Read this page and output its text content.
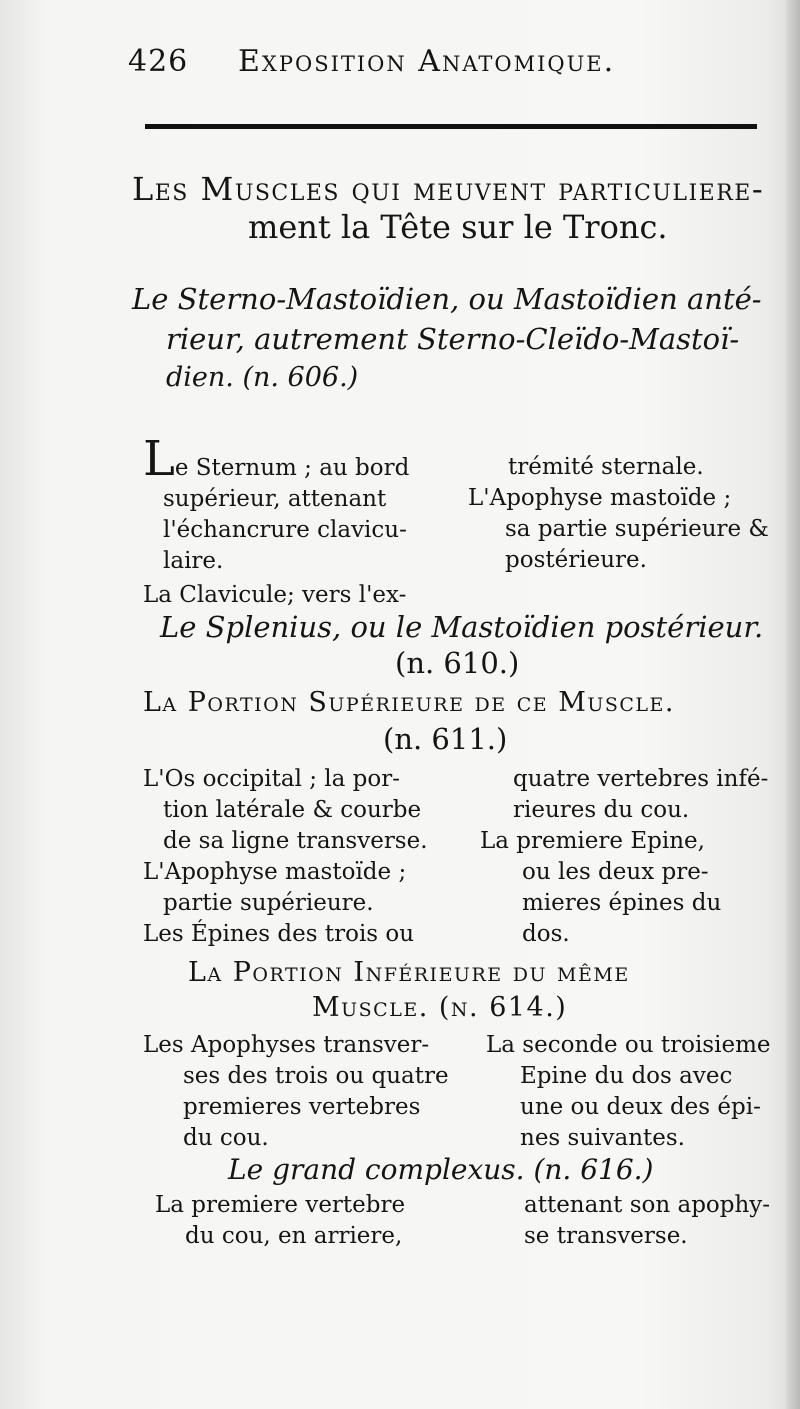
426 Exposition Anatomique.
Les Muscles qui meuvent particuliere-
ment la Tête sur le Tronc.
Le Sterno-Mastoïdien, ou Mastoïdien anté-
rieur, autrement Sterno-Cleïdo-Mastoï-
dien. (n. 606.)
Le Sternum ; au bord
supérieur, attenant
l'échancrure clavicu-
laire.
La Clavicule; vers l'ex-
trémité sternale.
L'Apophyse mastoïde ;
sa partie supérieure &
postérieure.
Le Splenius, ou le Mastoïdien postérieur.
(n. 610.)
La Portion Supérieure de ce Muscle.
(n. 611.)
L'Os occipital ; la por-
tion latérale & courbe
de sa ligne transverse.
L'Apophyse mastoïde ;
partie supérieure.
Les Épines des trois ou
quatre vertebres infé-
rieures du cou.
La premiere Epine,
ou les deux pre-
mieres épines du
dos.
La Portion Inférieure du même
Muscle. (n. 614.)
Les Apophyses transver-
ses des trois ou quatre
premieres vertebres
du cou.
La seconde ou troisieme
Epine du dos avec
une ou deux des épi-
nes suivantes.
Le grand complexus. (n. 616.)
La premiere vertebre
du cou, en arriere,
attenant son apophy-
se transverse.
